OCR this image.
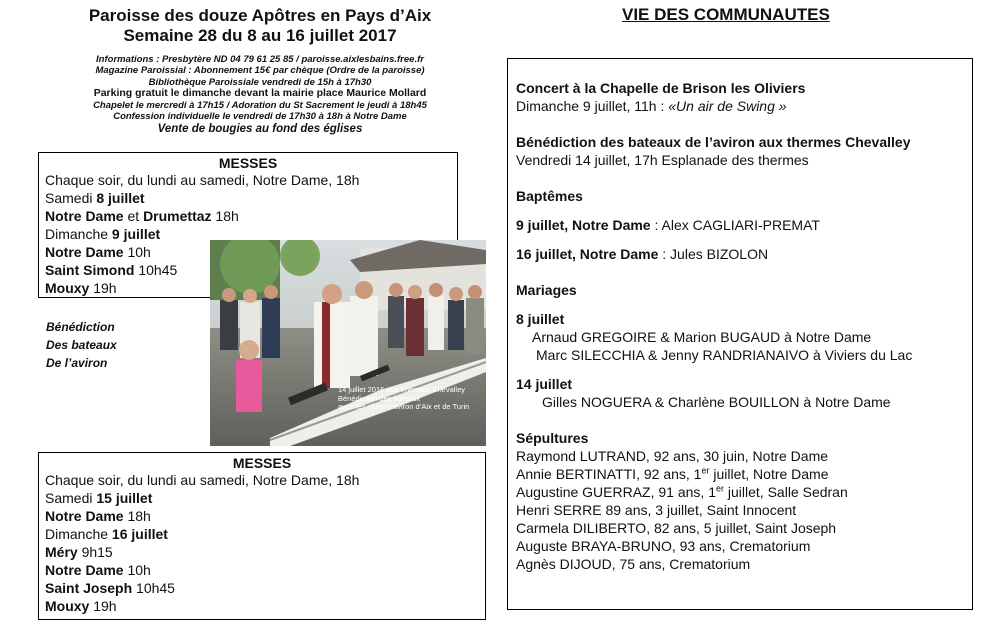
Paroisse des douze Apôtres en Pays d’Aix
Semaine 28 du 8 au 16 juillet 2017
Informations : Presbytère ND 04 79 61 25 85 / paroisse.aixlesbains.free.fr
Magazine Paroissial : Abonnement 15€ par chèque (Ordre de la paroisse)
Bibliothèque Paroissiale vendredi de 15h à 17h30
Parking gratuit le dimanche devant la mairie place Maurice Mollard
Chapelet le mercredi à 17h15 / Adoration du St Sacrement le jeudi à 18h45
Confession individuelle le vendredi de 17h30 à 18h à Notre Dame
Vente de bougies au fond des églises
MESSES
Chaque soir, du lundi au samedi, Notre Dame, 18h
Samedi 8 juillet
Notre Dame et Drumettaz 18h
Dimanche 9 juillet
Notre Dame 10h
Saint Simond 10h45
Mouxy 19h
Bénédiction
Des bateaux
De l’aviron
14 juillet 2016 aux Thermes Chevalley
Bénédiction des bateaux
avec les clubs d’aviron d’Aix et de Turin
MESSES
Chaque soir, du lundi au samedi, Notre Dame, 18h
Samedi 15 juillet
Notre Dame 18h
Dimanche 16 juillet
Méry 9h15
Notre Dame 10h
Saint Joseph 10h45
Mouxy 19h
VIE DES COMMUNAUTES
Concert à la Chapelle de Brison les Oliviers
Dimanche 9 juillet, 11h : «Un air de Swing »
Bénédiction des bateaux de l’aviron aux thermes Chevalley
Vendredi 14 juillet, 17h Esplanade des thermes
Baptêmes
9 juillet, Notre Dame : Alex CAGLIARI-PREMAT
16 juillet, Notre Dame : Jules BIZOLON
Mariages
8 juillet
Arnaud GREGOIRE & Marion BUGAUD à Notre Dame
Marc SILECCHIA & Jenny RANDRIANAIVO à Viviers du Lac
14 juillet
Gilles NOGUERA & Charlène BOUILLON à Notre Dame
Sépultures
Raymond LUTRAND, 92 ans, 30 juin, Notre Dame
Annie BERTINATTI, 92 ans, 1er juillet, Notre Dame
Augustine GUERRAZ, 91 ans, 1er juillet, Salle Sedran
Henri SERRE 89 ans, 3 juillet, Saint Innocent
Carmela DILIBERTO, 82 ans, 5 juillet, Saint Joseph
Auguste BRAYA-BRUNO, 93 ans, Crematorium
Agnès DIJOUD, 75 ans, Crematorium
